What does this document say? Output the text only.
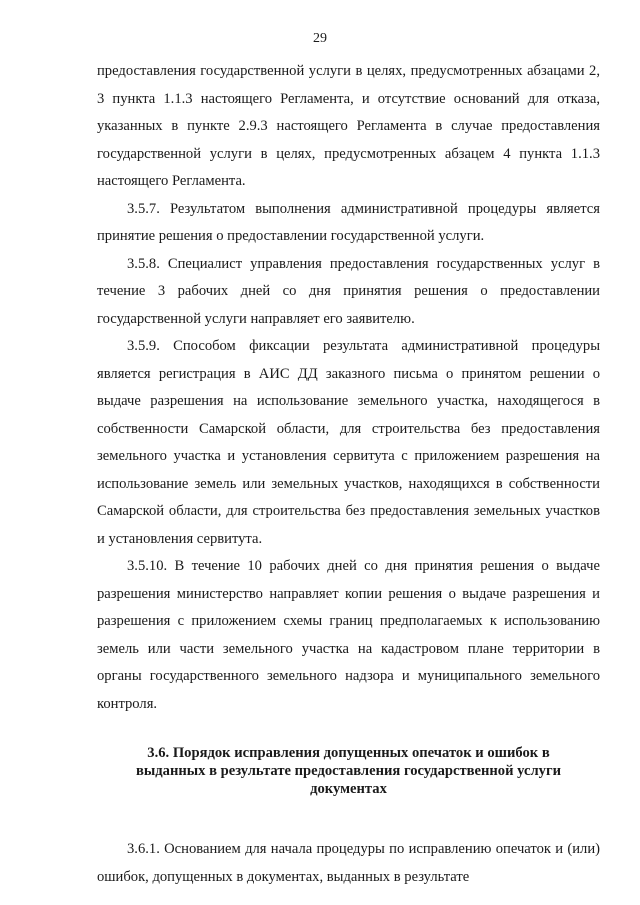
29

предоставления государственной услуги в целях, предусмотренных абзацами 2, 3 пункта 1.1.3 настоящего Регламента, и отсутствие оснований для отказа, указанных в пункте 2.9.3 настоящего Регламента в случае предоставления государственной услуги в целях, предусмотренных абзацем 4 пункта 1.1.3 настоящего Регламента.

3.5.7. Результатом выполнения административной процедуры является принятие решения о предоставлении государственной услуги.

3.5.8. Специалист управления предоставления государственных услуг в течение 3 рабочих дней со дня принятия решения о предоставлении государственной услуги направляет его заявителю.

3.5.9. Способом фиксации результата административной процедуры является регистрация в АИС ДД заказного письма о принятом решении о выдаче разрешения на использование земельного участка, находящегося в собственности Самарской области, для строительства без предоставления земельного участка и установления сервитута с приложением разрешения на использование земель или земельных участков, находящихся в собственности Самарской области, для строительства без предоставления земельных участков и установления сервитута.

3.5.10. В течение 10 рабочих дней со дня принятия решения о выдаче разрешения министерство направляет копии решения о выдаче разрешения и разрешения с приложением схемы границ предполагаемых к использованию земель или части земельного участка на кадастровом плане территории в органы государственного земельного надзора и муниципального земельного контроля.

3.6. Порядок исправления допущенных опечаток и ошибок в выданных в результате предоставления государственной услуги документах

3.6.1. Основанием для начала процедуры по исправлению опечаток и (или) ошибок, допущенных в документах, выданных в результате
